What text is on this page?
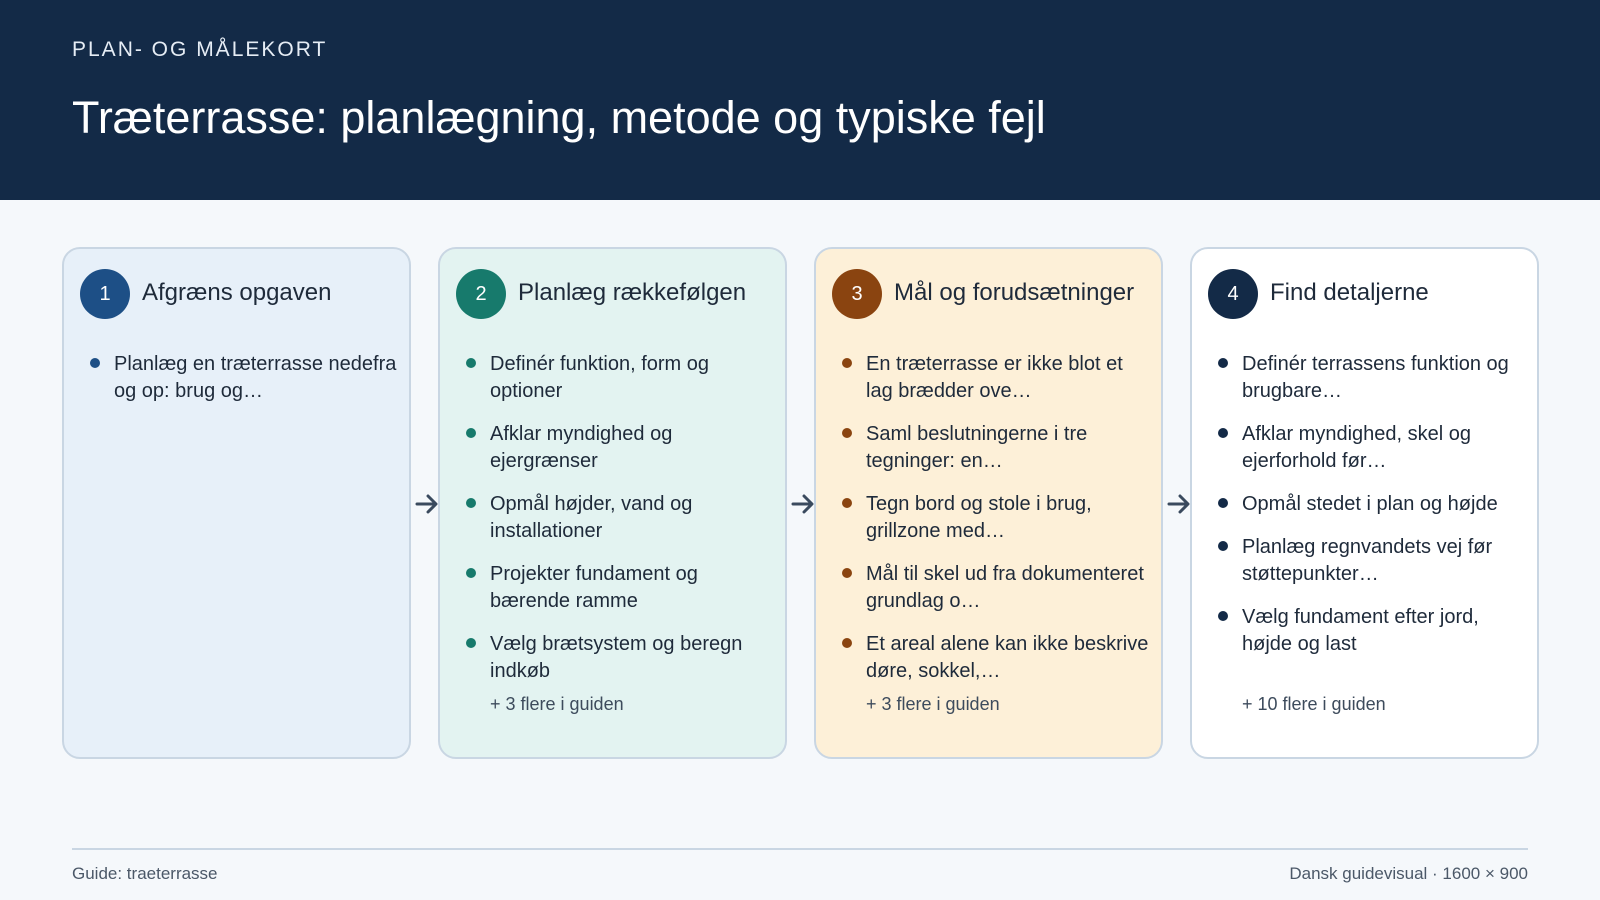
PLAN- OG MÅLEKORT
Træterrasse: planlægning, metode og typiske fejl
1	Afgræns opgaven
Planlæg en træterrasse nedefra og op: brug og…
2	Planlæg rækkefølgen
Definér funktion, form og optioner
Afklar myndighed og ejergrænser
Opmål højder, vand og installationer
Projekter fundament og bærende ramme
Vælg brætsystem og beregn indkøb
+ 3 flere i guiden
3	Mål og forudsætninger
En træterrasse er ikke blot et lag brædder ove…
Saml beslutningerne i tre tegninger: en…
Tegn bord og stole i brug, grillzone med…
Mål til skel ud fra dokumenteret grundlag o…
Et areal alene kan ikke beskrive døre, sokkel,…
+ 3 flere i guiden
4	Find detaljerne
Definér terrassens funktion og brugbare…
Afklar myndighed, skel og ejerforhold før…
Opmål stedet i plan og højde
Planlæg regnvandets vej før støttepunkter…
Vælg fundament efter jord, højde og last
+ 10 flere i guiden
Guide: traeterrasse	Dansk guidevisual · 1600 × 900
